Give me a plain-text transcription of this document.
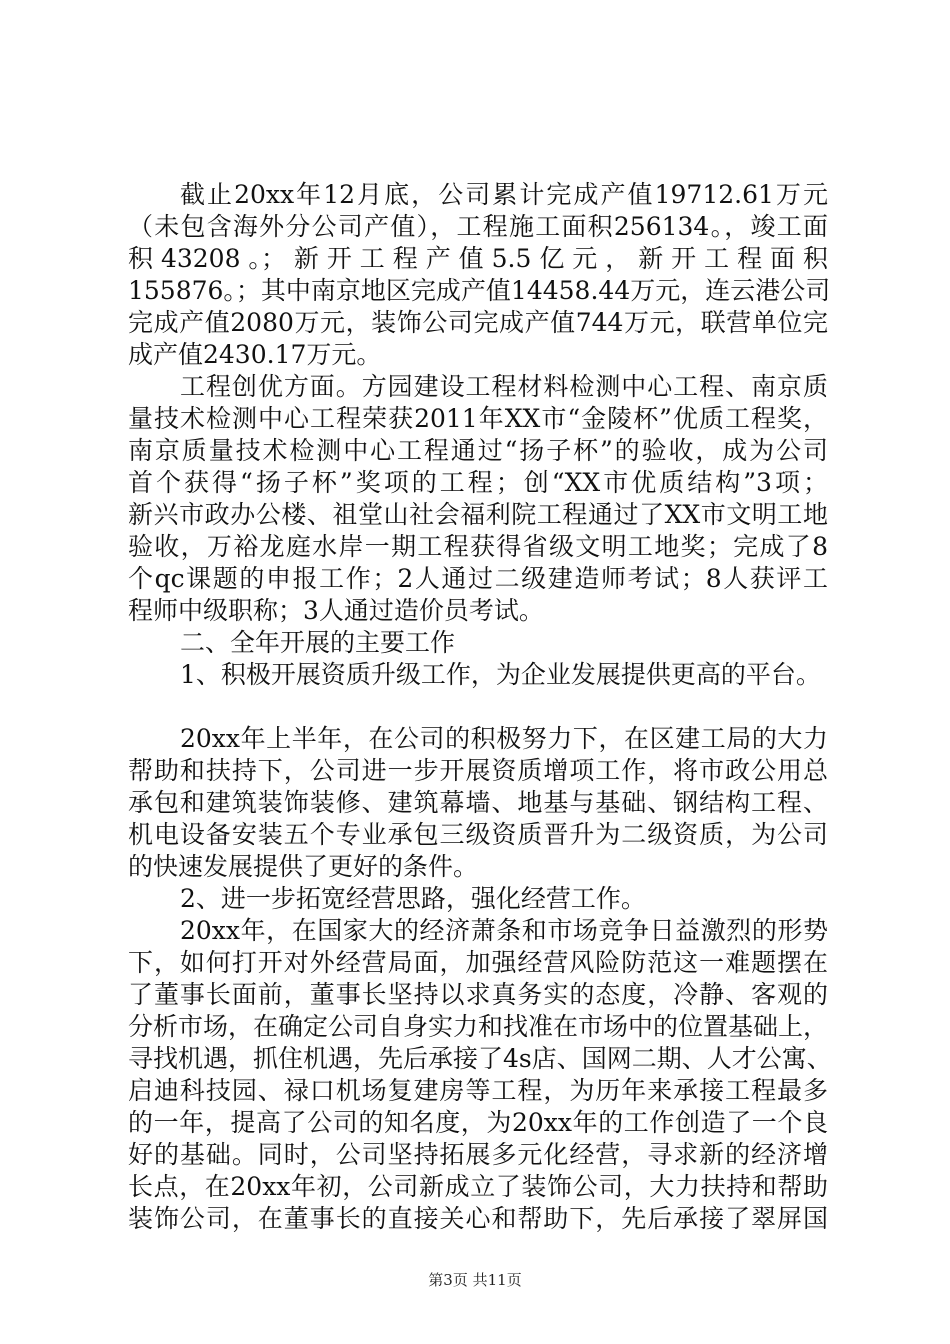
截止20xx年12月底，公司累计完成产值19712.61万元
（未包含海外分公司产值），工程施工面积256134。，竣工面
积 43208 。； 新 开 工 程 产 值 5.5 亿 元 ， 新 开 工 程 面 积
155876。；其中南京地区完成产值14458.44万元，连云港公司
完成产值2080万元，装饰公司完成产值744万元，联营单位完
成产值2430.17万元。
工程创优方面。方园建设工程材料检测中心工程、南京质
量技术检测中心工程荣获2011年XX市“金陵杯”优质工程奖，
南京质量技术检测中心工程通过“扬子杯”的验收，成为公司
首个获得“扬子杯”奖项的工程；创“XX市优质结构”3项；
新兴市政办公楼、祖堂山社会福利院工程通过了XX市文明工地
验收，万裕龙庭水岸一期工程获得省级文明工地奖；完成了8
个qc课题的申报工作；2人通过二级建造师考试；8人获评工
程师中级职称；3人通过造价员考试。
二、全年开展的主要工作
1、积极开展资质升级工作，为企业发展提供更高的平台。
20xx年上半年，在公司的积极努力下，在区建工局的大力
帮助和扶持下，公司进一步开展资质增项工作，将市政公用总
承包和建筑装饰装修、建筑幕墙、地基与基础、钢结构工程、
机电设备安装五个专业承包三级资质晋升为二级资质，为公司
的快速发展提供了更好的条件。
2、进一步拓宽经营思路，强化经营工作。
20xx年，在国家大的经济萧条和市场竞争日益激烈的形势
下，如何打开对外经营局面，加强经营风险防范这一难题摆在
了董事长面前，董事长坚持以求真务实的态度，冷静、客观的
分析市场，在确定公司自身实力和找准在市场中的位置基础上，
寻找机遇，抓住机遇，先后承接了4s店、国网二期、人才公寓、
启迪科技园、禄口机场复建房等工程，为历年来承接工程最多
的一年，提高了公司的知名度，为20xx年的工作创造了一个良
好的基础。同时，公司坚持拓展多元化经营，寻求新的经济增
长点，在20xx年初，公司新成立了装饰公司，大力扶持和帮助
装饰公司，在董事长的直接关心和帮助下，先后承接了翠屏国
第3页 共11页
